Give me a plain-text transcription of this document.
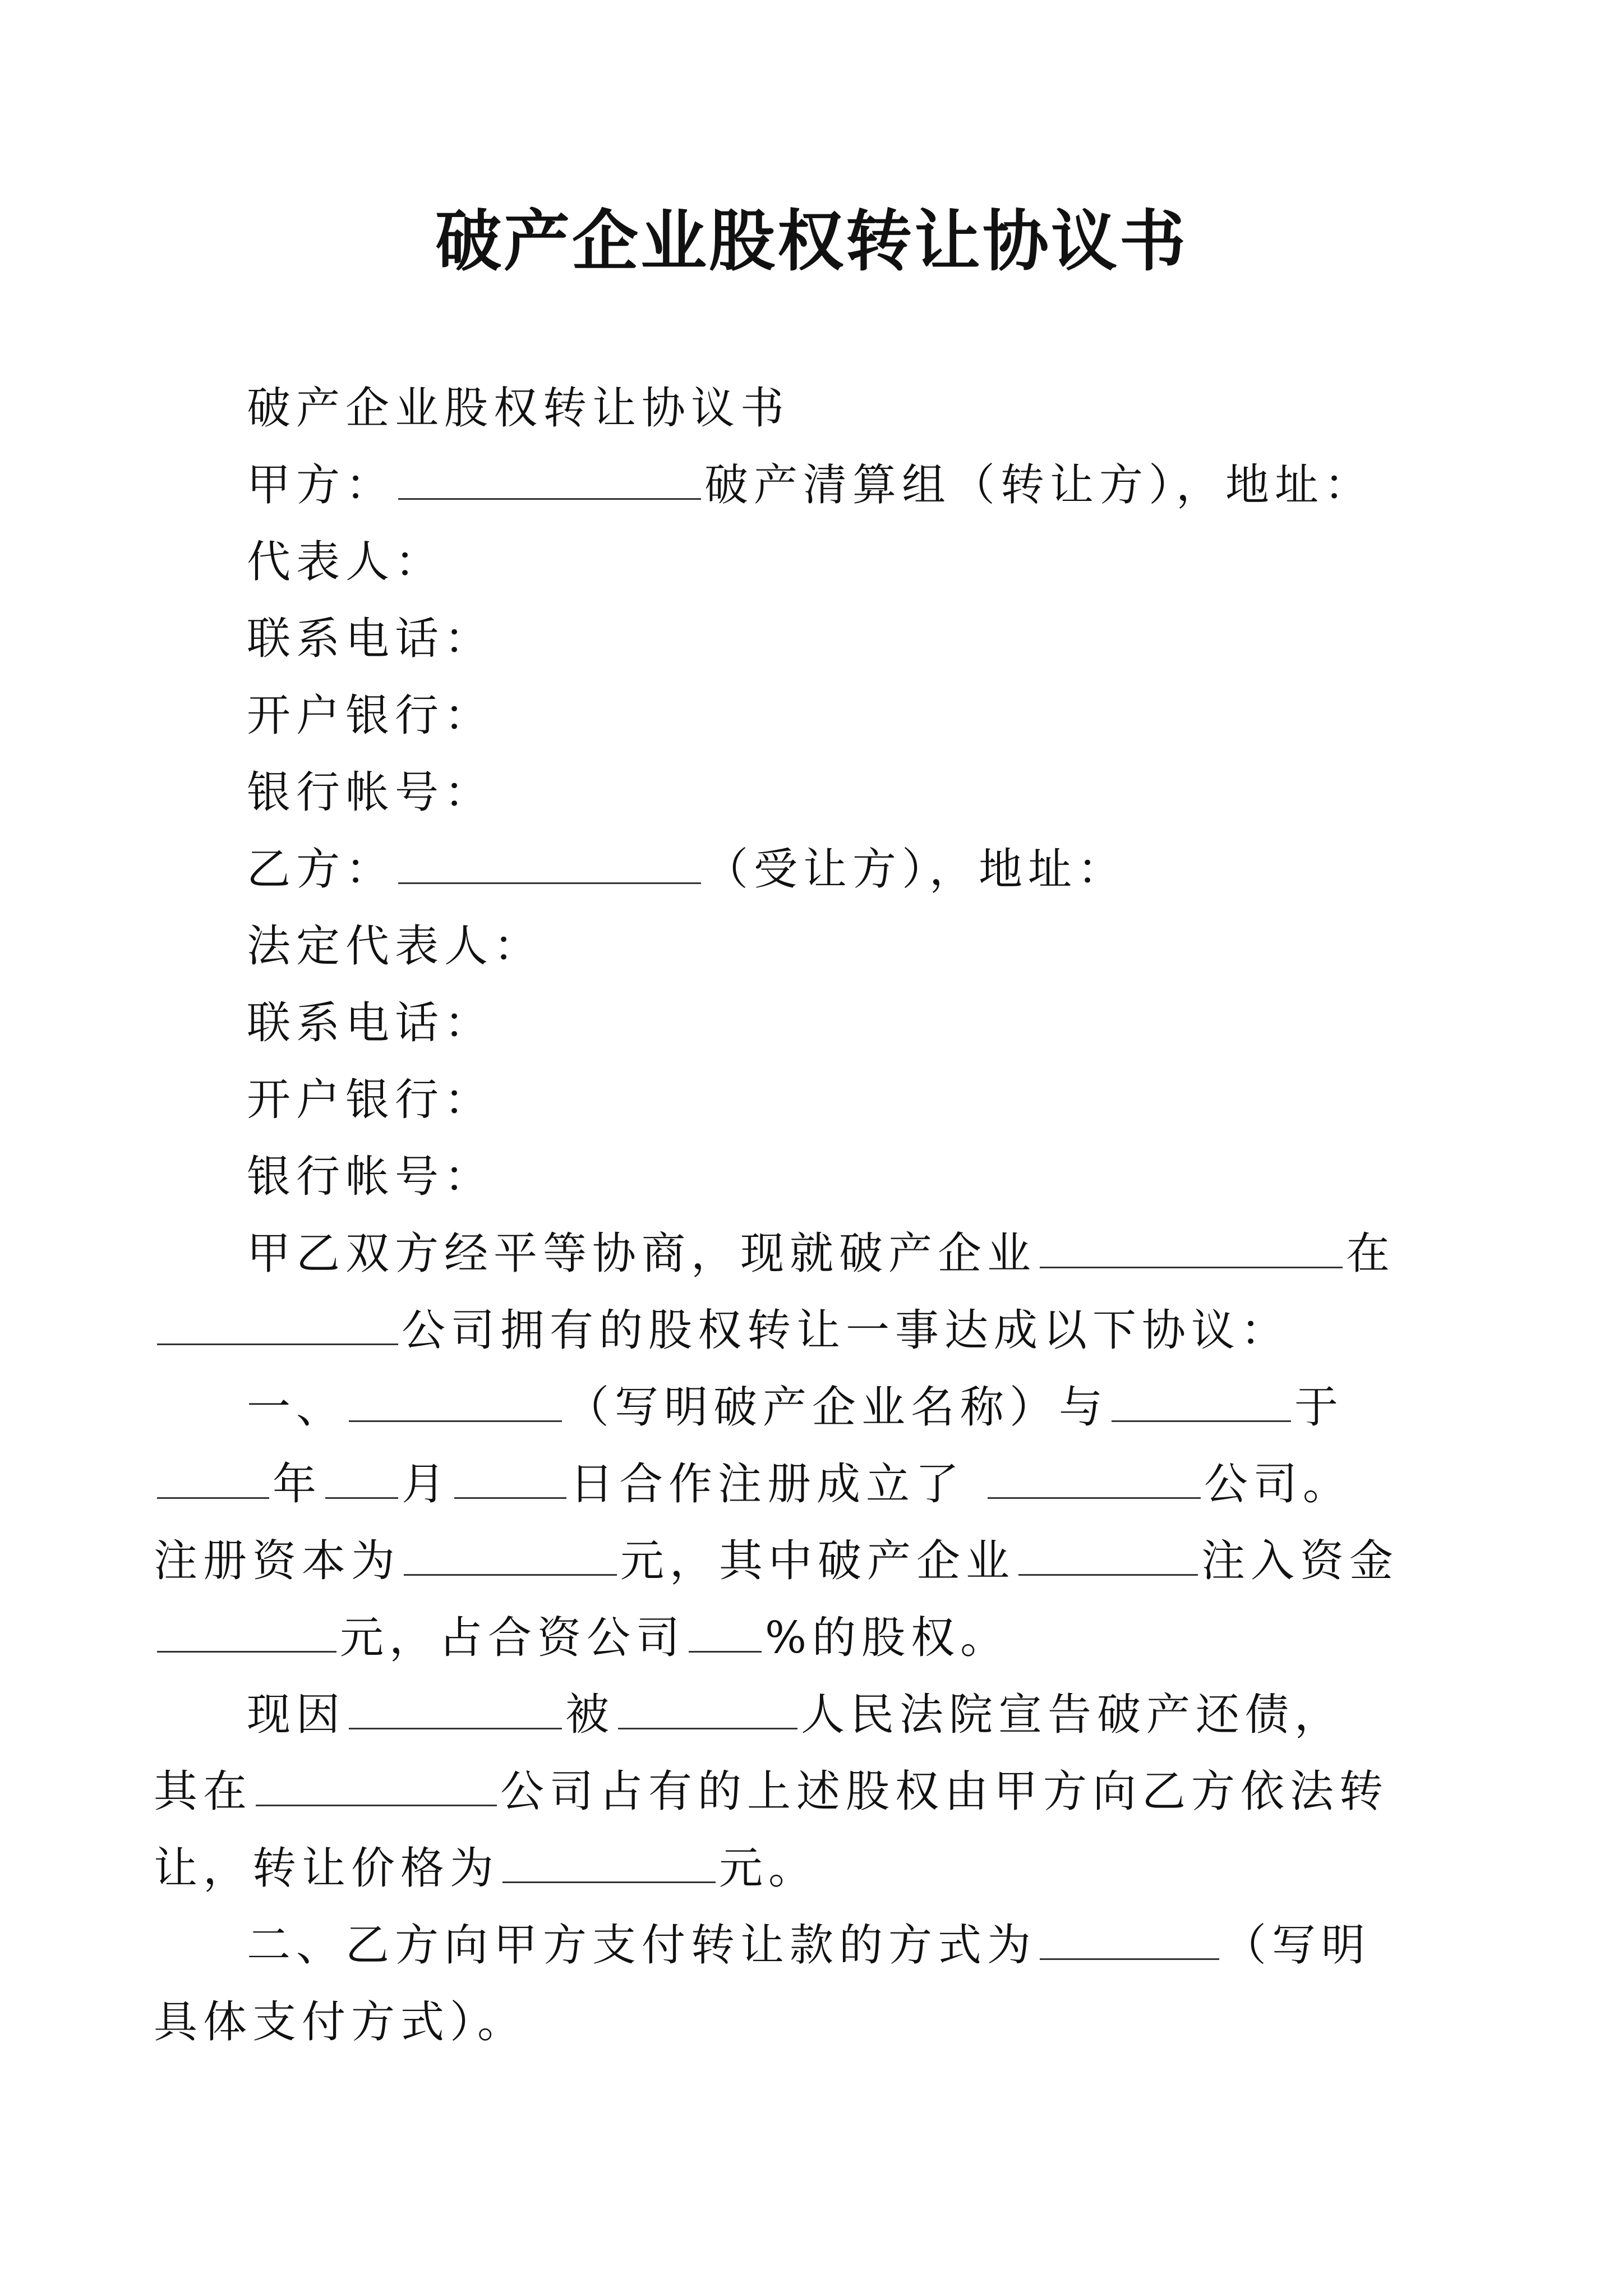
破产企业股权转让协议书

破产企业股权转让协议书

甲方：	破产清算组（转让方），地址：

代表人：

联系电话：

开户银行：

银行帐号：

乙方：	（受让方），地址：

法定代表人：

联系电话：

开户银行：

银行帐号：

甲乙双方经平等协商，现就破产企业	在

公司拥有的股权转让一事达成以下协议：

一、	（写明破产企业名称）与	于

年 月	日合作注册成立了	公司。

注册资本为	元，其中破产企业	注入资金

元，占合资公司 %的股权。

现因	被	人民法院宣告破产还债，

其在	公司占有的上述股权由甲方向乙方依法转

让，转让价格为	元。

二、乙方向甲方支付转让款的方式为	（写明

具体支付方式）。
